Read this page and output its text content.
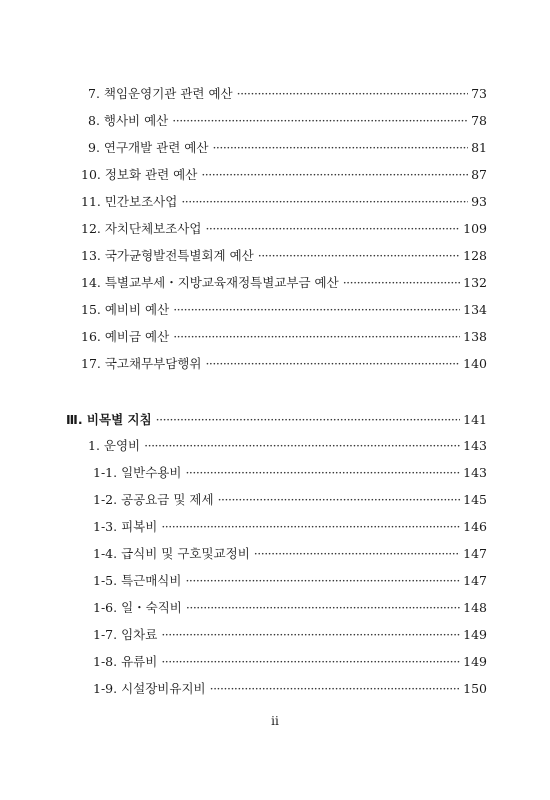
7. 책임운영기관 관련 예산 ·····	73
8. 행사비 예산 ·····	78
9. 연구개발 관련 예산 ·····	81
10. 정보화 관련 예산 ·····	87
11. 민간보조사업 ·····	93
12. 자치단체보조사업 ·····	109
13. 국가균형발전특별회계 예산 ·····	128
14. 특별교부세・지방교육재정특별교부금 예산 ·····	132
15. 예비비 예산 ·····	134
16. 예비금 예산 ·····	138
17. 국고채무부담행위 ·····	140
Ⅲ. 비목별 지침 ·····	141
1. 운영비 ·····	143
1-1. 일반수용비 ·····	143
1-2. 공공요금 및 제세 ·····	145
1-3. 피복비 ·····	146
1-4. 급식비 및 구호및교정비 ·····	147
1-5. 특근매식비 ·····	147
1-6. 일・숙직비 ·····	148
1-7. 임차료 ·····	149
1-8. 유류비 ·····	149
1-9. 시설장비유지비 ·····	150
ii
